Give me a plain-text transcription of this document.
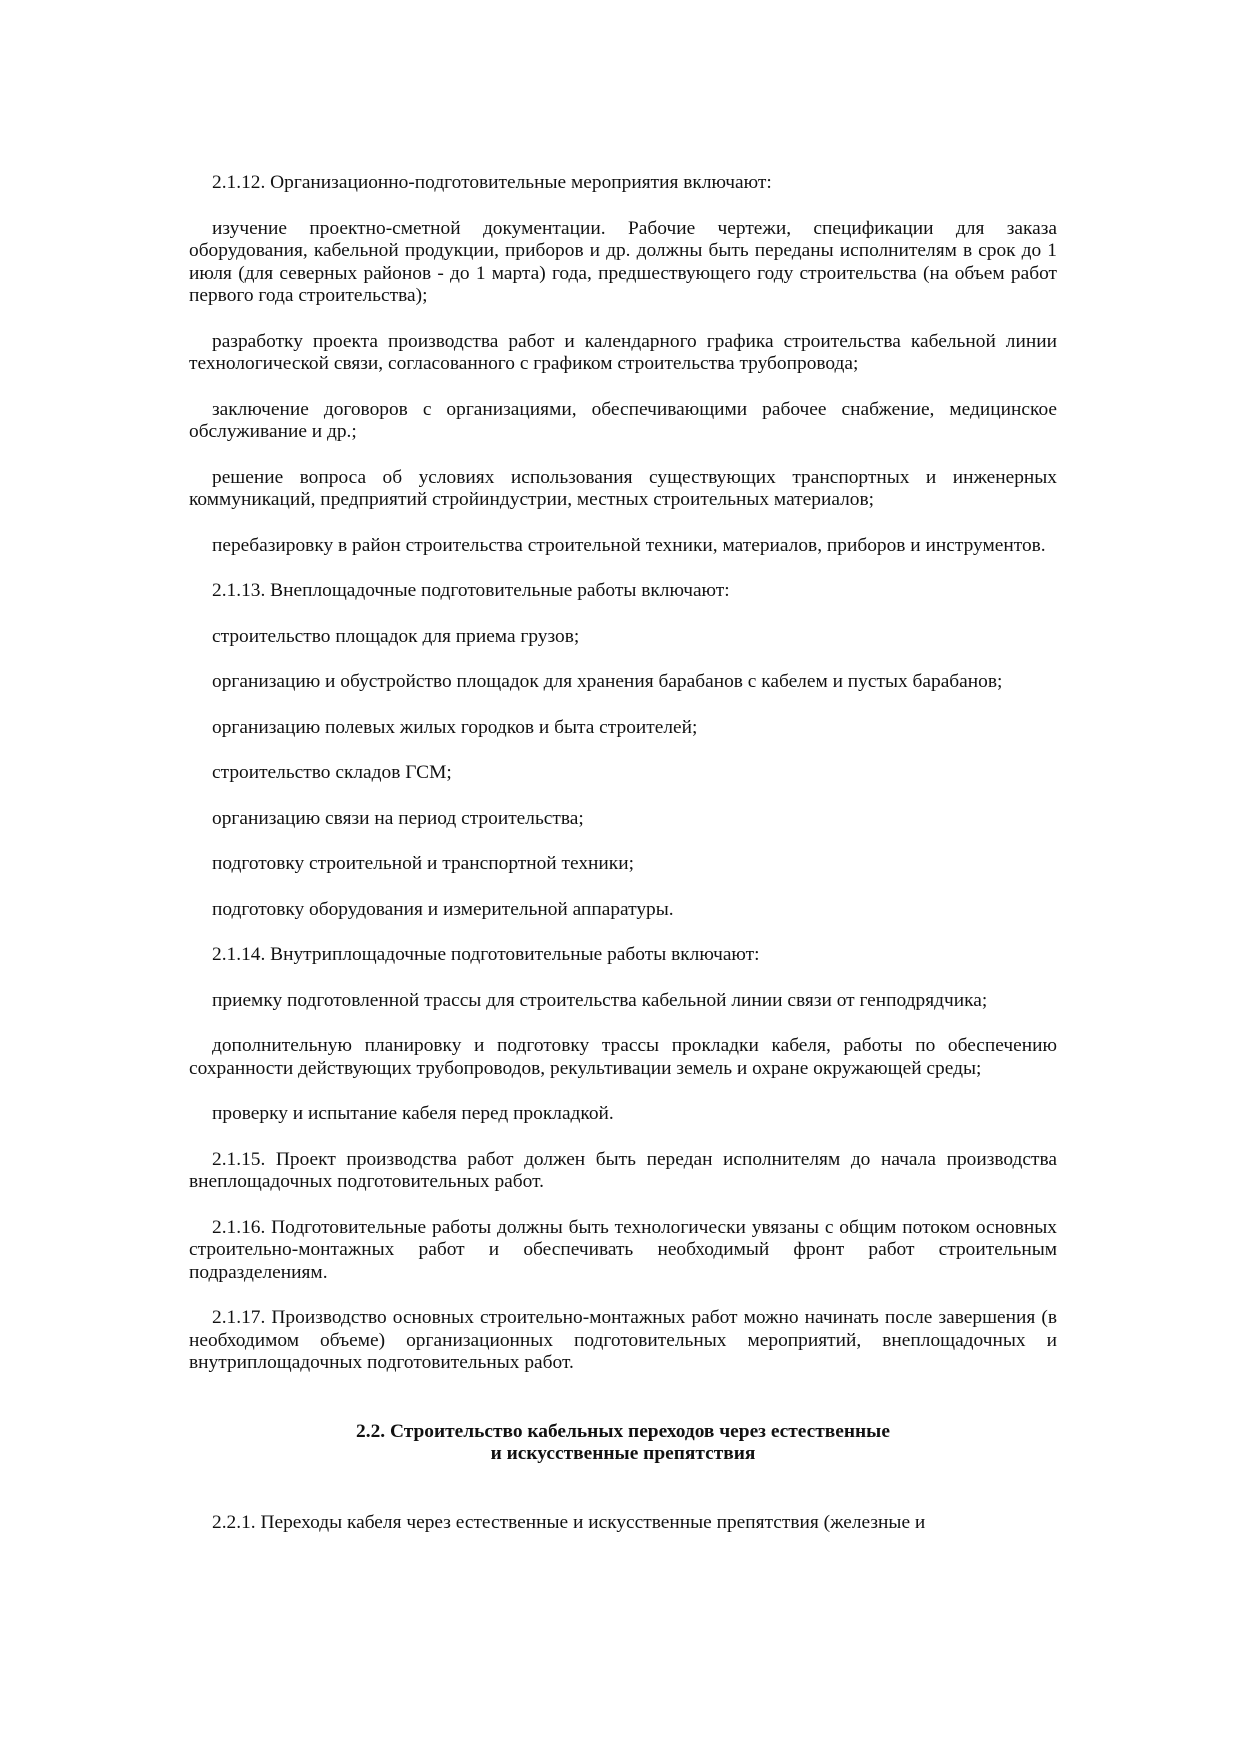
2.1.12. Организационно-подготовительные мероприятия включают:

изучение проектно-сметной документации. Рабочие чертежи, спецификации для заказа оборудования, кабельной продукции, приборов и др. должны быть переданы исполнителям в срок до 1 июля (для северных районов - до 1 марта) года, предшествующего году строительства (на объем работ первого года строительства);

разработку проекта производства работ и календарного графика строительства кабельной линии технологической связи, согласованного с графиком строительства трубопровода;

заключение договоров с организациями, обеспечивающими рабочее снабжение, медицинское обслуживание и др.;

решение вопроса об условиях использования существующих транспортных и инженерных коммуникаций, предприятий стройиндустрии, местных строительных материалов;

перебазировку в район строительства строительной техники, материалов, приборов и инструментов.

2.1.13. Внеплощадочные подготовительные работы включают:

строительство площадок для приема грузов;

организацию и обустройство площадок для хранения барабанов с кабелем и пустых барабанов;

организацию полевых жилых городков и быта строителей;

строительство складов ГСМ;

организацию связи на период строительства;

подготовку строительной и транспортной техники;

подготовку оборудования и измерительной аппаратуры.

2.1.14. Внутриплощадочные подготовительные работы включают:

приемку подготовленной трассы для строительства кабельной линии связи от генподрядчика;

дополнительную планировку и подготовку трассы прокладки кабеля, работы по обеспечению сохранности действующих трубопроводов, рекультивации земель и охране окружающей среды;

проверку и испытание кабеля перед прокладкой.

2.1.15. Проект производства работ должен быть передан исполнителям до начала производства внеплощадочных подготовительных работ.

2.1.16. Подготовительные работы должны быть технологически увязаны с общим потоком основных строительно-монтажных работ и обеспечивать необходимый фронт работ строительным подразделениям.

2.1.17. Производство основных строительно-монтажных работ можно начинать после завершения (в необходимом объеме) организационных подготовительных мероприятий, внеплощадочных и внутриплощадочных подготовительных работ.

2.2. Строительство кабельных переходов через естественные
и искусственные препятствия

2.2.1. Переходы кабеля через естественные и искусственные препятствия (железные и
